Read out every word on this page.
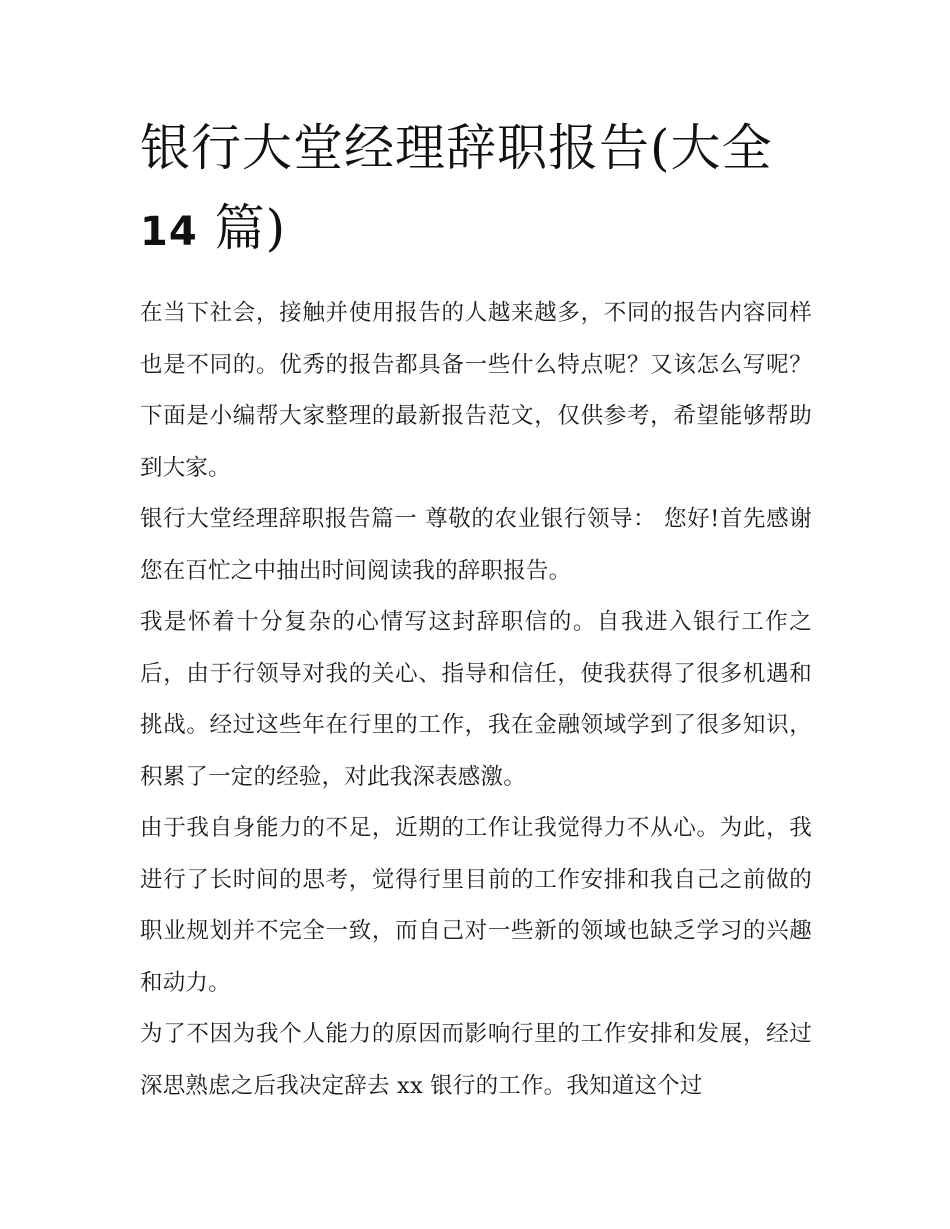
银行大堂经理辞职报告(大全
14 篇)

在当下社会，接触并使用报告的人越来越多，不同的报告内容同样也是不同的。优秀的报告都具备一些什么特点呢？又该怎么写呢？下面是小编帮大家整理的最新报告范文，仅供参考，希望能够帮助到大家。

银行大堂经理辞职报告篇一 尊敬的农业银行领导： 您好!首先感谢您在百忙之中抽出时间阅读我的辞职报告。

我是怀着十分复杂的心情写这封辞职信的。自我进入银行工作之后，由于行领导对我的关心、指导和信任，使我获得了很多机遇和挑战。经过这些年在行里的工作，我在金融领域学到了很多知识，积累了一定的经验，对此我深表感激。

由于我自身能力的不足，近期的工作让我觉得力不从心。为此，我进行了长时间的思考，觉得行里目前的工作安排和我自己之前做的职业规划并不完全一致，而自己对一些新的领域也缺乏学习的兴趣和动力。

为了不因为我个人能力的原因而影响行里的工作安排和发展，经过深思熟虑之后我决定辞去 xx 银行的工作。我知道这个过
